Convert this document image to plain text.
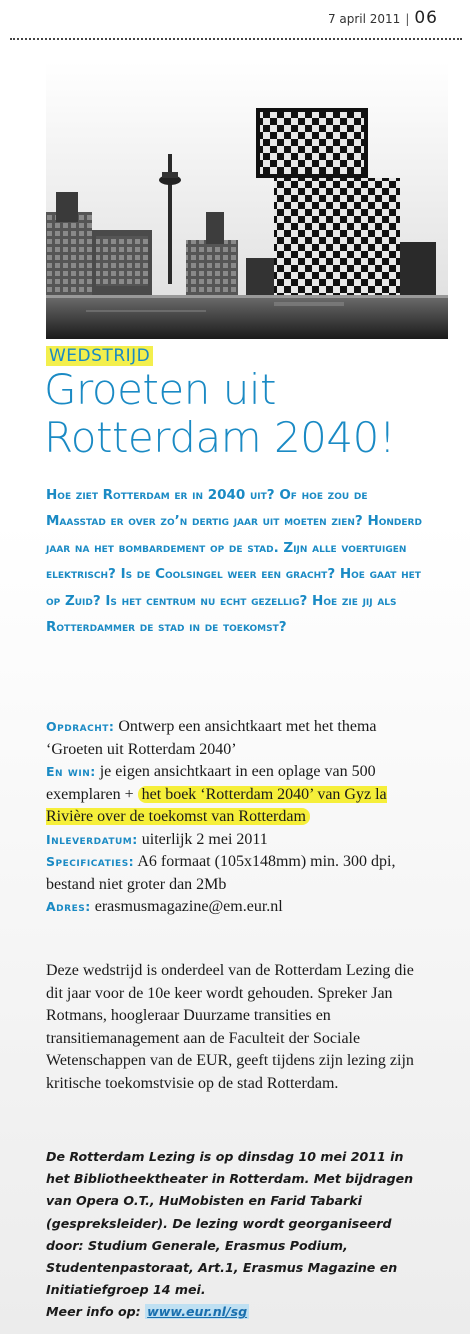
7 april 2011 | 06
WEDSTRIJD
Groeten uit
Rotterdam 2040!
Hoe ziet Rotterdam er in 2040 uit? Of hoe zou de Maasstad er over zo’n dertig jaar uit moeten zien? Honderd jaar na het bombardement op de stad. Zijn alle voertuigen elektrisch? Is de Coolsingel weer een gracht? Hoe gaat het op Zuid? Is het centrum nu echt gezellig? Hoe zie jij als Rotterdammer de stad in de toekomst?
Opdracht: Ontwerp een ansichtkaart met het thema ‘Groeten uit Rotterdam 2040’
En win: je eigen ansichtkaart in een oplage van 500 exemplaren + het boek ‘Rotterdam 2040’ van Gyz la Rivière over de toekomst van Rotterdam
Inleverdatum: uiterlijk 2 mei 2011
Specificaties: A6 formaat (105x148mm) min. 300 dpi, bestand niet groter dan 2Mb
Adres: erasmusmagazine@em.eur.nl
Deze wedstrijd is onderdeel van de Rotterdam Lezing die dit jaar voor de 10e keer wordt gehouden. Spreker Jan Rotmans, hoogleraar Duurzame transities en transitiemanagement aan de Faculteit der Sociale Wetenschappen van de EUR, geeft tijdens zijn lezing zijn kritische toekomstvisie op de stad Rotterdam.
De Rotterdam Lezing is op dinsdag 10 mei 2011 in het Bibliotheektheater in Rotterdam. Met bijdragen van Opera O.T., HuMobisten en Farid Tabarki (gespreksleider). De lezing wordt georganiseerd door: Studium Generale, Erasmus Podium, Studentenpastoraat, Art.1, Erasmus Magazine en Initiatiefgroep 14 mei.
Meer info op: www.eur.nl/sg
